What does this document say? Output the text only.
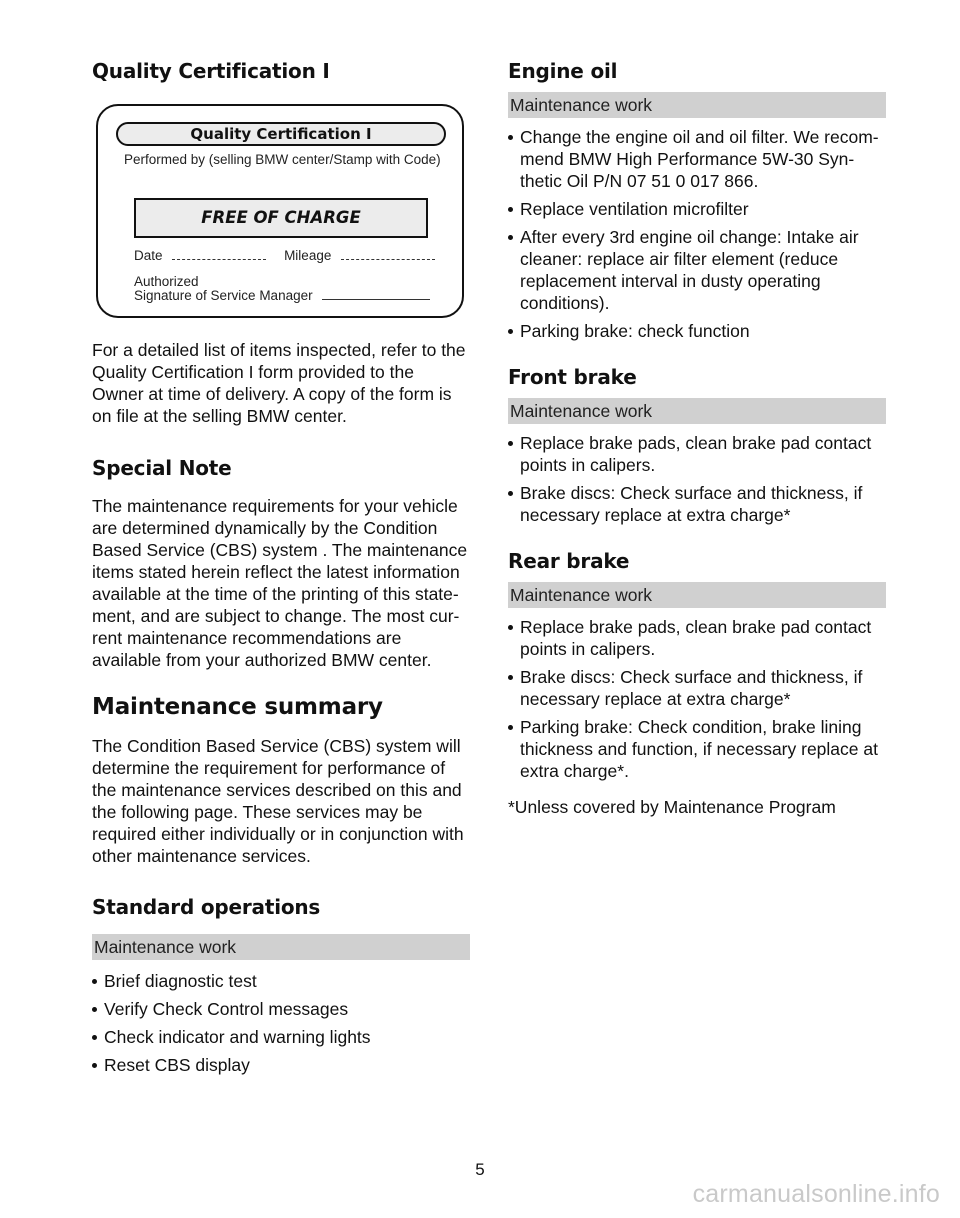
Quality Certification I
Quality Certification I
Performed by (selling BMW center/Stamp with Code)
FREE OF CHARGE
Date	Mileage
Authorized
Signature of Service Manager

For a detailed list of items inspected, refer to the
Quality Certification I form provided to the
Owner at time of delivery. A copy of the form is
on file at the selling BMW center.

Special Note

The maintenance requirements for your vehicle
are determined dynamically by the Condition
Based Service (CBS) system . The maintenance
items stated herein reflect the latest information
available at the time of the printing of this state-
ment, and are subject to change. The most cur-
rent maintenance recommendations are
available from your authorized BMW center.

Maintenance summary

The Condition Based Service (CBS) system will
determine the requirement for performance of
the maintenance services described on this and
the following page. These services may be
required either individually or in conjunction with
other maintenance services.

Standard operations
Maintenance work
Brief diagnostic test
Verify Check Control messages
Check indicator and warning lights
Reset CBS display
Engine oil
Maintenance work
Change the engine oil and oil filter. We recom-
mend BMW High Performance 5W-30 Syn-
thetic Oil P/N 07 51 0 017 866.
Replace ventilation microfilter
After every 3rd engine oil change: Intake air
cleaner: replace air filter element (reduce
replacement interval in dusty operating
conditions).
Parking brake: check function
Front brake
Maintenance work
Replace brake pads, clean brake pad contact
points in calipers.
Brake discs: Check surface and thickness, if
necessary replace at extra charge*
Rear brake
Maintenance work
Replace brake pads, clean brake pad contact
points in calipers.
Brake discs: Check surface and thickness, if
necessary replace at extra charge*
Parking brake: Check condition, brake lining
thickness and function, if necessary replace at
extra charge*.

*Unless covered by Maintenance Program

5
carmanualsonline.info
